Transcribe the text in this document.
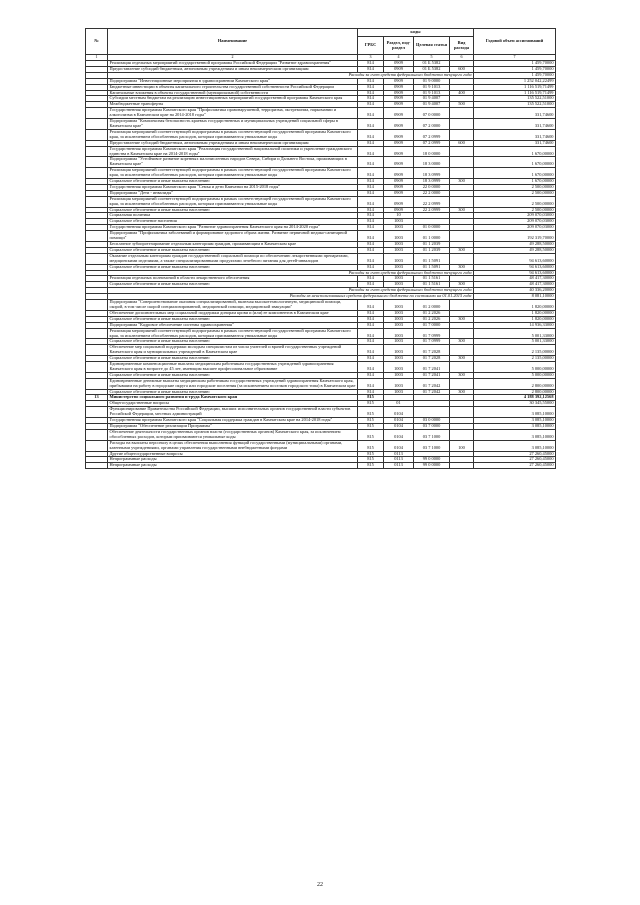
№	Наименование	коды				Годовой объем ассигнований
		ГРБС	Раздел, под-раздел	Целевая статья	Вид расхода	
1	2	3	4	5	6	7
	Реализация отдельных мероприятий государственной программы Российской Федерации "Развитие здравоохранения"	814	0909	01 Б 5382		1 459,70000
	Предоставление субсидий бюджетным, автономным учреждениям и иным некоммерческим организациям	814	0909	01 Б 5382	600	1 459,70000
	Расходы за счет средств федерального бюджета текущего года					1 459,70000
	Подпрограмма "Инвестиционные мероприятия в здравоохранении Камчатского края"	814	0909	01 9 0000		1 252 042,22499
	Бюджетные инвестиции в объекты капитального строительства государственной собственности Российской Федерации	814	0909	01 9 1013		1 116 519,71499
	Капитальные вложения в объекты государственной (муниципальной) собственности	814	0909	01 9 1013	400	1 116 519,71499
	Субсидии местным бюджетам на реализацию инвестиционных мероприятий государственной программы Камчатского края	814	0909	01 9 4007		135 522,51000
	Межбюджетные трансферты	814	0909	01 9 4007	500	135 522,51000
	Государственная программа Камчатского края "Профилактика правонарушений, терроризма, экстремизма, наркомании и алкоголизма в Камчатском крае на 2014-2018 годы"	814	0909	07 0 0000		331,74600
	Подпрограмма "Комплексная безопасность краевых государственных и муниципальных учреждений социальной сферы в Камчатском крае"	814	0909	07 2 0000		331,74600
	Реализация мероприятий соответствующей подпрограммы в рамках соответствующей государственной программы Камчатского края, за исключением обособленных расходов, которым присваиваются уникальные коды	814	0909	07 2 0999		331,74600
	Предоставление субсидий бюджетным, автономным учреждениям и иным некоммерческим организациям	814	0909	07 2 0999	600	331,74600
	Государственная программа Камчатского края "Реализация государственной национальной политики и укрепление гражданского единства в Камчатском крае на 2014-2018 годы"	814	0909	18 0 0000		1 670,00000
	Подпрограмма "Устойчивое развитие коренных малочисленных народов Севера, Сибири и Дальнего Востока, проживающих в Камчатском крае"	814	0909	18 3 0000		1 670,00000
	Реализация мероприятий соответствующей подпрограммы в рамках соответствующей государственной программы Камчатского края, за исключением обособленных расходов, которым присваиваются уникальные коды	814	0909	18 3 0999		1 670,00000
	Социальное обеспечение и иные выплаты населению	814	0909	18 3 0999	300	1 670,00000
	Государственная программа Камчатского края "Семья и дети Камчатки на 2015-2018 годы"	814	0909	22 0 0000		2 500,00000
	Подпрограмма "Дети - инвалиды"	814	0909	22 2 0000		2 500,00000
	Реализация мероприятий соответствующей подпрограммы в рамках соответствующей государственной программы Камчатского края, за исключением обособленных расходов, которым присваиваются уникальные коды	814	0909	22 2 0999		2 500,00000
	Социальное обеспечение и иные выплаты населению	814	0909	22 2 0999	300	2 500,00000
	Социальная политика	814	10			209 070,03000
	Социальное обеспечение населения	814	1003			209 070,03000
	Государственная программа Камчатского края "Развитие здравоохранения Камчатского края на 2014-2020 годы"	814	1003	01 0 0000		209 070,03000
	Подпрограмма "Профилактика заболеваний и формирование здорового образа жизни. Развитие первичной медико-санитарной помощи"	814	1003	01 1 0000		192 319,70000
	Бесплатное зубопротезирование отдельным категориям граждан, проживающим в Камчатском крае	814	1003	01 1 2039		49 288,50000
	Социальное обеспечение и иные выплаты населению	814	1003	01 1 2039	300	49 288,50000
	Оказание отдельным категориям граждан государственной социальной помощи по обеспечению лекарственными препаратами, медицинскими изделиями, а также специализированными продуктами лечебного питания для детей-инвалидов	814	1003	01 1 5091		94 613,60000
	Социальное обеспечение и иные выплаты населению	814	1003	01 1 5091	300	94 613,60000
	Расходы за счет средств федерального бюджета текущего года					94 613,60000
	Реализация отдельных полномочий в области лекарственного обеспечения	814	1003	01 1 5161		48 417,30000
	Социальное обеспечение и иные выплаты населению	814	1003	01 1 5161	300	48 417,30000
	Расходы за счет средств федерального бюджета текущего года					40 336,20000
	Расходы из неиспользованных средств федерального бюджета по состоянию на 01.01.2015 года					8 081,10000
	Подпрограмма "Совершенствование оказания специализированной, включая высокотехнологичную, медицинской помощи, скорой, в том числе скорой специализированной, медицинской помощи, медицинской эвакуации"	814	1003	01 2 0000		1 820,00000
	Обеспечение дополнительных мер социальной поддержки донорам крови и (или) ее компонентов в Камчатском крае	814	1003	01 2 2026		1 820,00000
	Социальное обеспечение и иные выплаты населению	814	1003	01 2 2026	300	1 820,00000
	Подпрограмма "Кадровое обеспечение системы здравоохранения"	814	1003	01 7 0000		14 936,33000
	Реализация мероприятий соответствующей подпрограммы в рамках соответствующей государственной программы Камчатского края, за исключением обособленных расходов, которым присваиваются уникальные коды	814	1003	01 7 0999		5 001,33000
	Социальное обеспечение и иные выплаты населению	814	1003	01 7 0999	300	5 001,33000
	Обеспечение мер социальной поддержки молодым специалистам из числа учителей и врачей государственных учреждений Камчатского края и муниципальных учреждений в Камчатском крае	814	1003	01 7 2028		2 135,00000
	Социальное обеспечение и иные выплаты населению	814	1003	01 7 2028	300	2 135,00000
	Единовременные компенсационные выплаты медицинским работникам государственных учреждений здравоохранения Камчатского края в возрасте до 45 лет, имеющим высшее профессиональное образование	814	1003	01 7 2041		5 000,00000
	Социальное обеспечение и иные выплаты населению	814	1003	01 7 2041	300	5 000,00000
	Единовременные денежные выплаты медицинским работникам государственных учреждений здравоохранения Камчатского края, прибывшим на работу в городские округа или городские поселения (за исключением поселков городского типа) в Камчатском крае	814	1003	01 7 2042		2 800,00000
	Социальное обеспечение и иные выплаты населению	814	1003	01 7 2042	300	2 800,00000
13	Министерство социального развития и труда Камчатского края	815				4 188 392,12568
	Общегосударственные вопросы	815	01			30 345,55000
	Функционирование Правительства Российской Федерации, высших исполнительных органов государственной власти субъектов Российской Федерации, местных администраций	815	0104			3 085,10000
	Государственная программа Камчатского края "Социальная поддержка граждан в Камчатском крае на 2014-2018 годы"	815	0104	03 0 0000		3 085,10000
	Подпрограмма "Обеспечение реализации Программы"	815	0104	03 7 0000		3 085,10000
	Обеспечение деятельности государственных органов власти (государственных органов) Камчатского края, за исключением обособленных расходов, которым присваиваются уникальные коды	815	0104	03 7 1000		3 085,10000
	Расходы на выплаты персоналу в целях обеспечения выполнения функций государственными (муниципальными) органами, казенными учреждениями, органами управления государственными внебюджетными фондами	815	0104	03 7 1000	100	3 085,10000
	Другие общегосударственные вопросы	815	0113			27 260,45000
	Непрограммные расходы	815	0113	99 0 0000		27 260,45000
	Непрограммные расходы	815	0113	99 0 0000		27 260,45000
22
